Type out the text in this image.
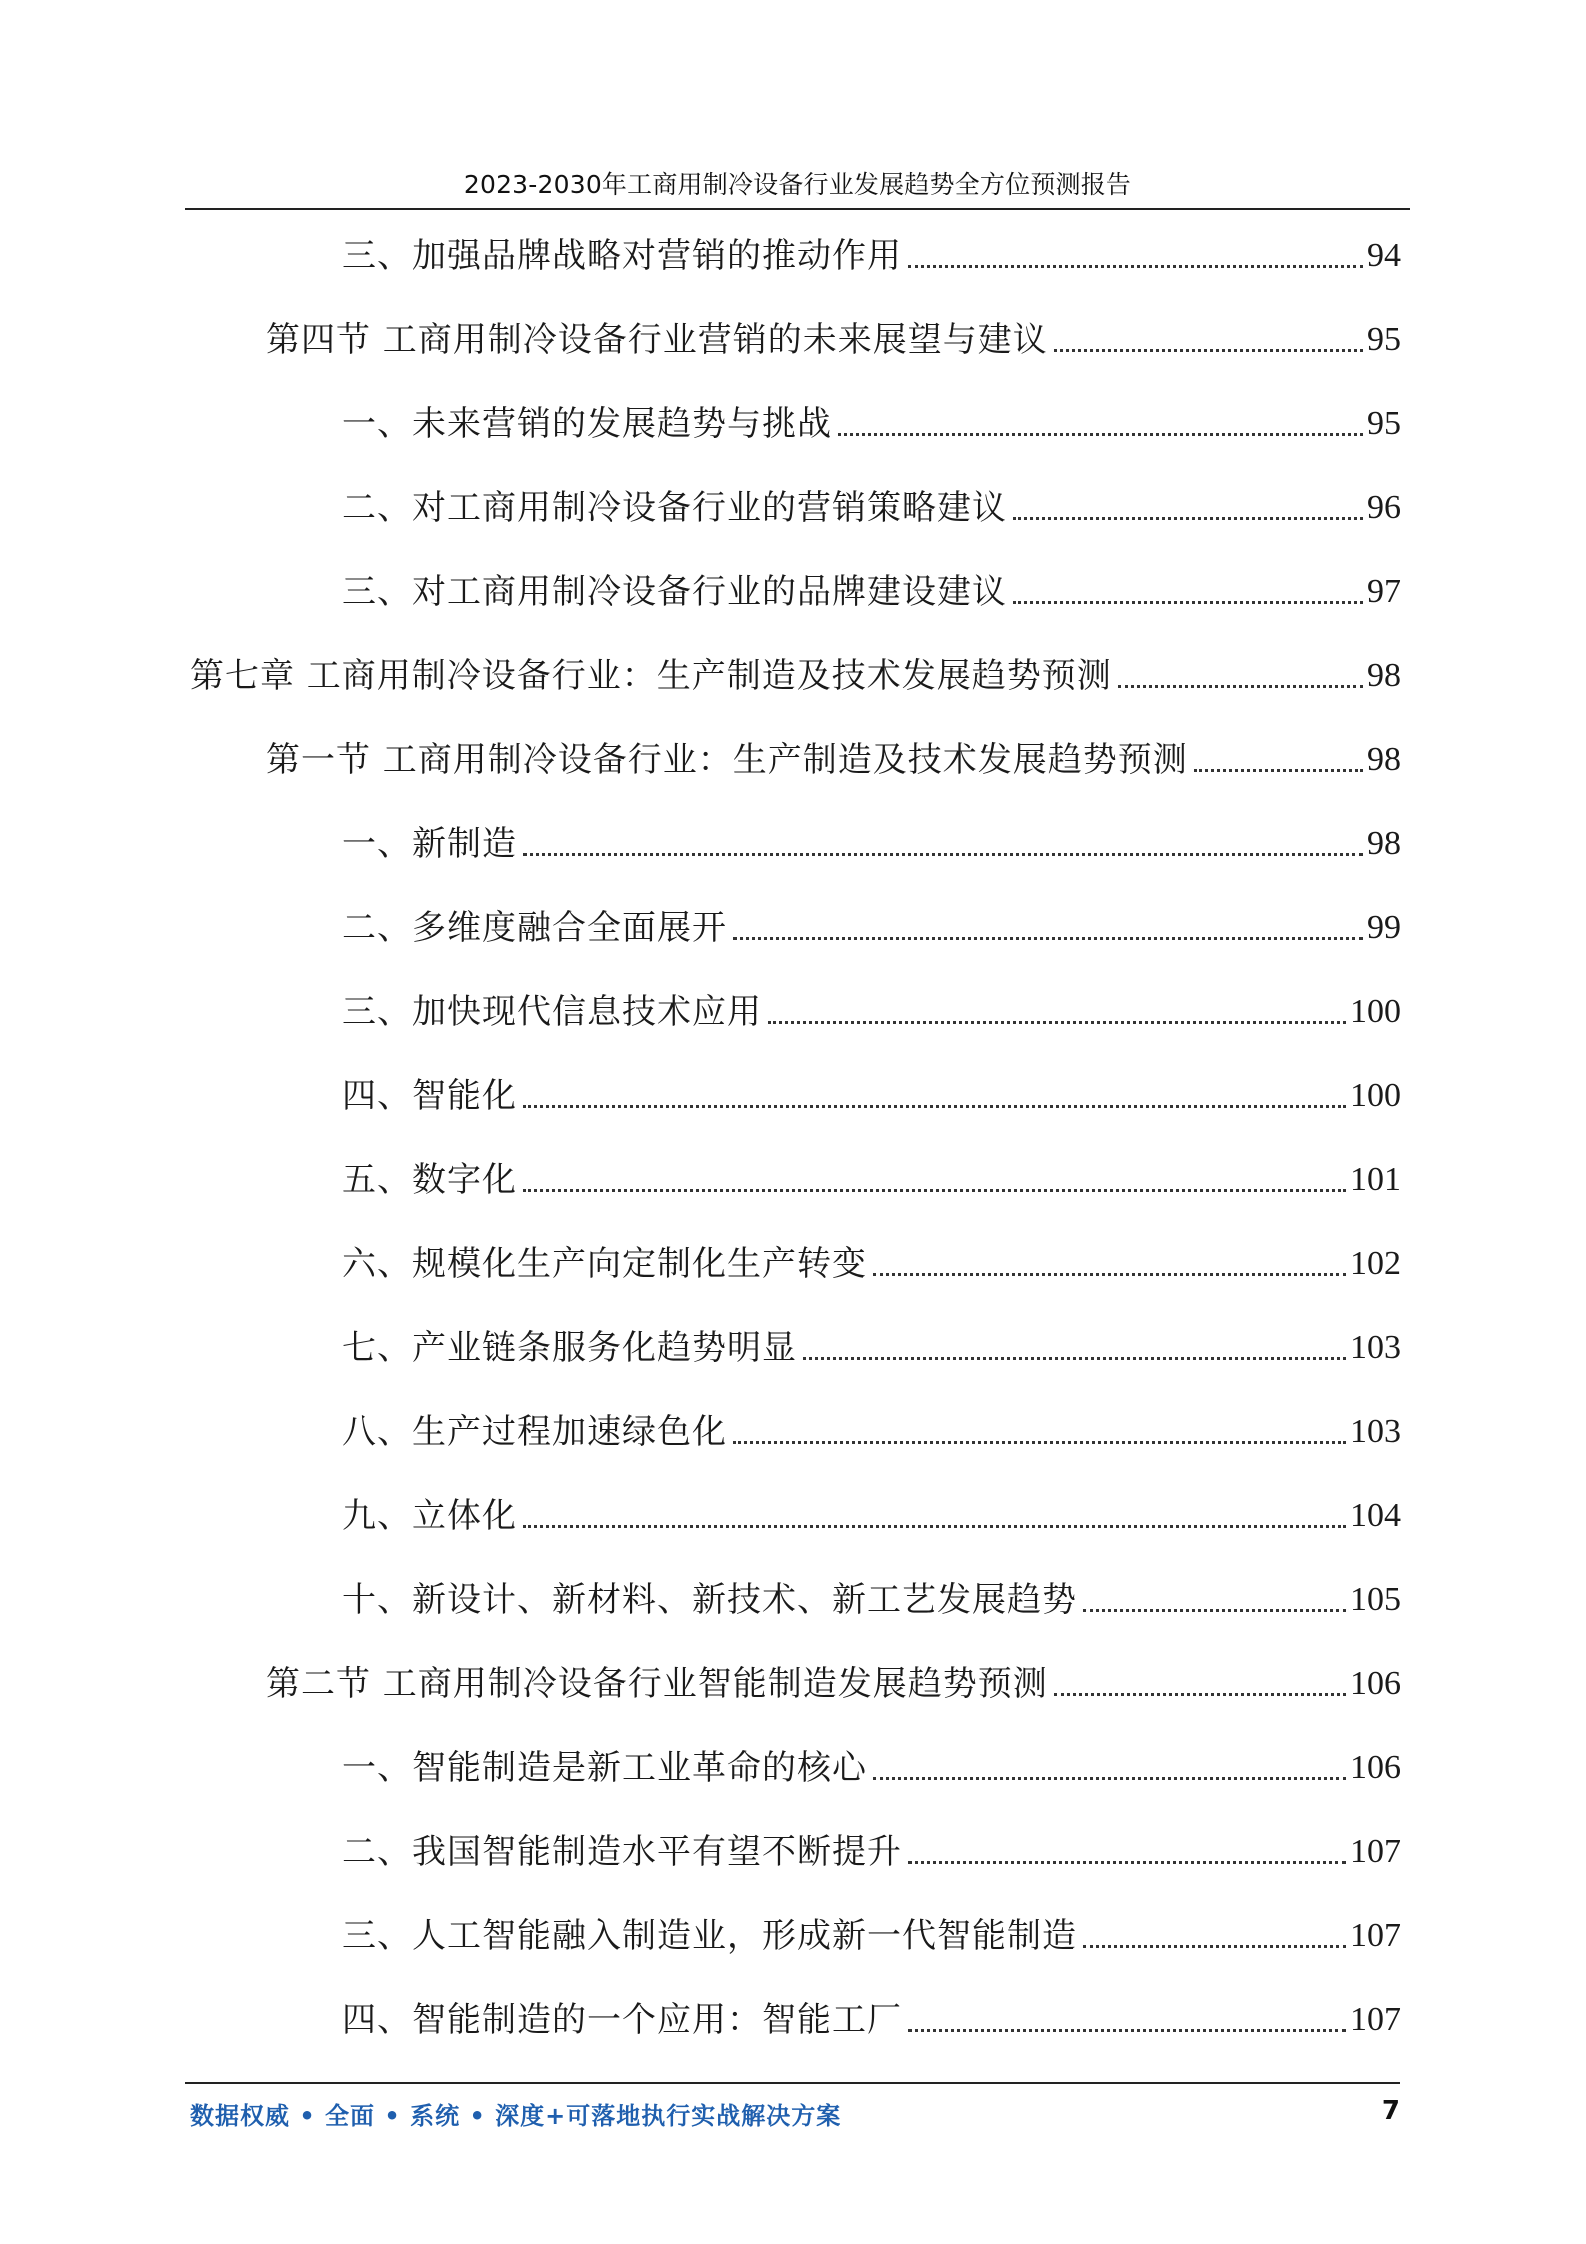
2023-2030年工商用制冷设备行业发展趋势全方位预测报告
三、加强品牌战略对营销的推动作用	94
第四节 工商用制冷设备行业营销的未来展望与建议	95
一、未来营销的发展趋势与挑战	95
二、对工商用制冷设备行业的营销策略建议	96
三、对工商用制冷设备行业的品牌建设建议	97
第七章 工商用制冷设备行业：生产制造及技术发展趋势预测	98
第一节 工商用制冷设备行业：生产制造及技术发展趋势预测	98
一、新制造	98
二、多维度融合全面展开	99
三、加快现代信息技术应用	100
四、智能化	100
五、数字化	101
六、规模化生产向定制化生产转变	102
七、产业链条服务化趋势明显	103
八、生产过程加速绿色化	103
九、立体化	104
十、新设计、新材料、新技术、新工艺发展趋势	105
第二节 工商用制冷设备行业智能制造发展趋势预测	106
一、智能制造是新工业革命的核心	106
二、我国智能制造水平有望不断提升	107
三、人工智能融入制造业，形成新一代智能制造	107
四、智能制造的一个应用：智能工厂	107
数据权威 • 全面 • 系统 • 深度+可落地执行实战解决方案	7
